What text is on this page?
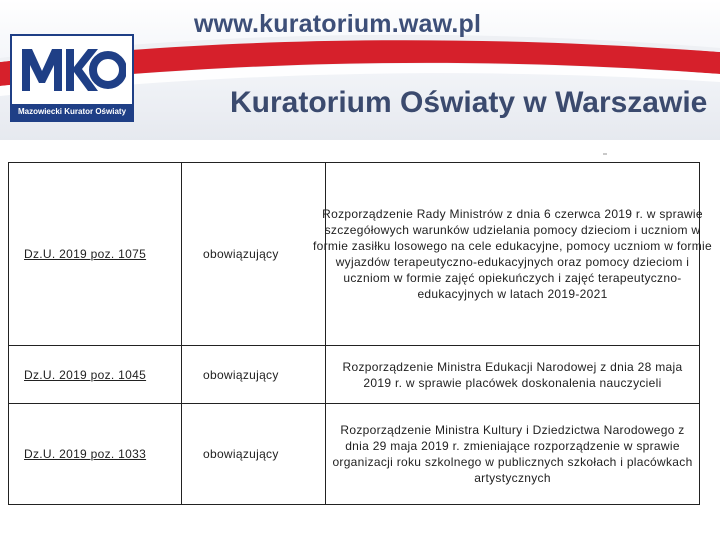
www.kuratorium.waw.pl
Mazowiecki Kurator Oświaty	Kuratorium Oświaty w Warszawie
Dz.U. 2019 poz. 1075	obowiązujący	Rozporządzenie Rady Ministrów z dnia 6 czerwca 2019 r. w sprawie szczegółowych warunków udzielania pomocy dzieciom i uczniom w formie zasiłku losowego na cele edukacyjne, pomocy uczniom w formie wyjazdów terapeutyczno-edukacyjnych oraz pomocy dzieciom i uczniom w formie zajęć opiekuńczych i zajęć terapeutyczno-edukacyjnych w latach 2019-2021

Dz.U. 2019 poz. 1045	obowiązujący	Rozporządzenie Ministra Edukacji Narodowej z dnia 28 maja 2019 r. w sprawie placówek doskonalenia nauczycieli

Dz.U. 2019 poz. 1033	obowiązujący	Rozporządzenie Ministra Kultury i Dziedzictwa Narodowego z dnia 29 maja 2019 r. zmieniające rozporządzenie w sprawie organizacji roku szkolnego w publicznych szkołach i placówkach artystycznych
